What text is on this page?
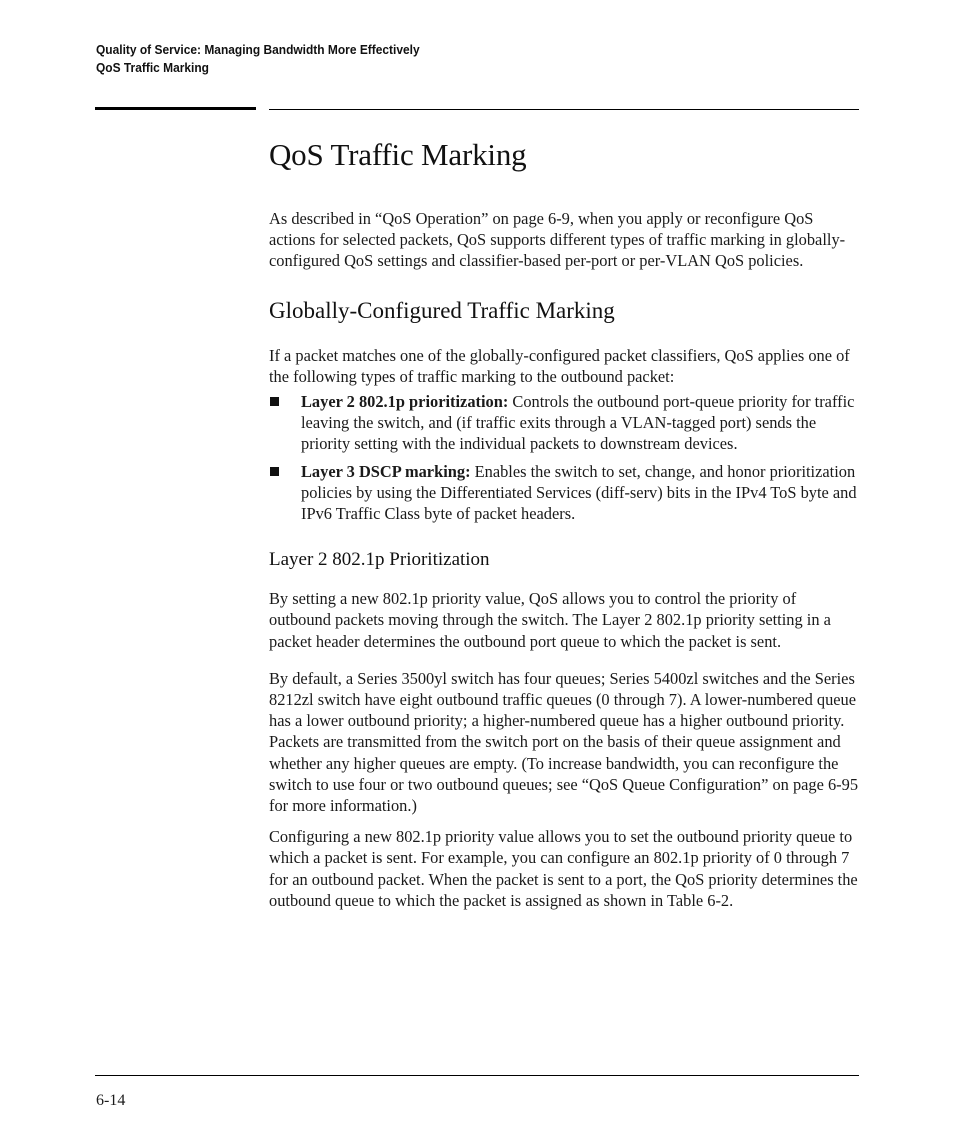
Quality of Service: Managing Bandwidth More Effectively
QoS Traffic Marking
QoS Traffic Marking

As described in “QoS Operation” on page 6-9, when you apply or reconfigure QoS actions for selected packets, QoS supports different types of traffic marking in globally-configured QoS settings and classifier-based per-port or per-VLAN QoS policies.

Globally-Configured Traffic Marking

If a packet matches one of the globally-configured packet classifiers, QoS applies one of the following types of traffic marking to the outbound packet:

Layer 2 802.1p prioritization: Controls the outbound port-queue priority for traffic leaving the switch, and (if traffic exits through a VLAN-tagged port) sends the priority setting with the individual packets to downstream devices.
Layer 3 DSCP marking: Enables the switch to set, change, and honor prioritization policies by using the Differentiated Services (diff-serv) bits in the IPv4 ToS byte and IPv6 Traffic Class byte of packet headers.
Layer 2 802.1p Prioritization

By setting a new 802.1p priority value, QoS allows you to control the priority of outbound packets moving through the switch. The Layer 2 802.1p priority setting in a packet header determines the outbound port queue to which the packet is sent.

By default, a Series 3500yl switch has four queues; Series 5400zl switches and the Series 8212zl switch have eight outbound traffic queues (0 through 7). A lower-numbered queue has a lower outbound priority; a higher-numbered queue has a higher outbound priority. Packets are transmitted from the switch port on the basis of their queue assignment and whether any higher queues are empty. (To increase bandwidth, you can reconfigure the switch to use four or two outbound queues; see “QoS Queue Configuration” on page 6-95 for more information.)

Configuring a new 802.1p priority value allows you to set the outbound priority queue to which a packet is sent. For example, you can configure an 802.1p priority of 0 through 7 for an outbound packet. When the packet is sent to a port, the QoS priority determines the outbound queue to which the packet is assigned as shown in Table 6-2.

6-14
